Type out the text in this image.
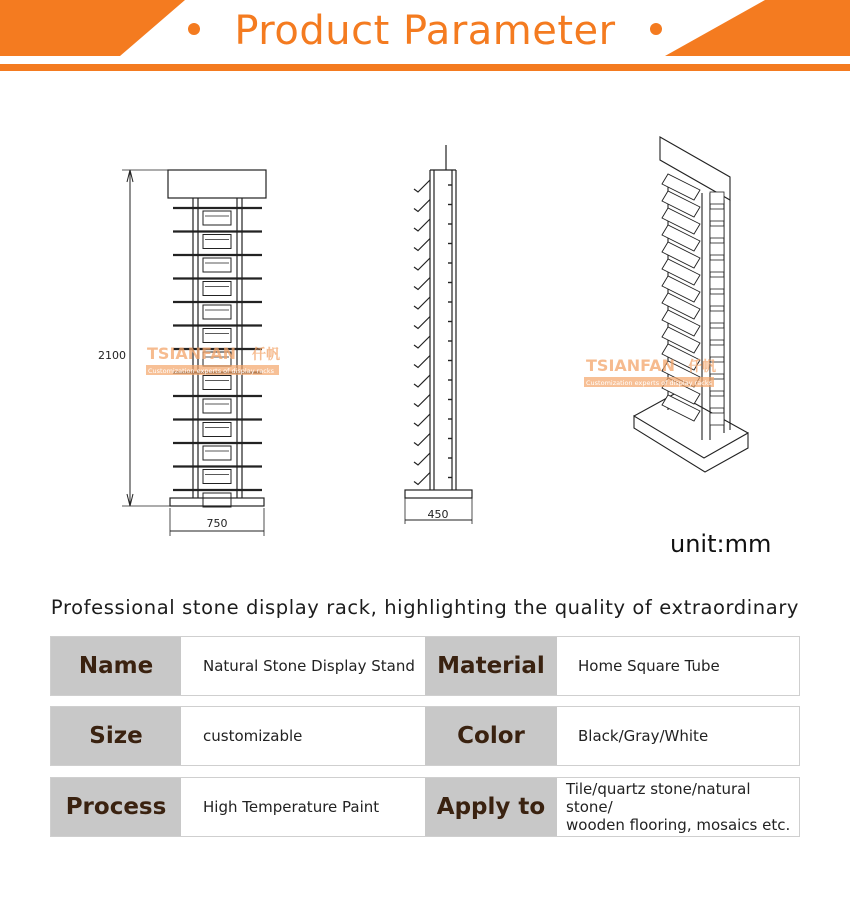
Product Parameter
2100
750
TSIANFAN 仟帆
Customization experts of display racks
450
TSIANFAN 仟帆
Customization experts of display racks
unit:mm
Professional stone display rack, highlighting the quality of extraordinary
Name	Natural Stone Display Stand Material	Home Square Tube
Size	customizable	Color	Black/Gray/White
Process	High Temperature Paint	Apply to
Tile/quartz stone/natural stone/
wooden flooring, mosaics etc.
